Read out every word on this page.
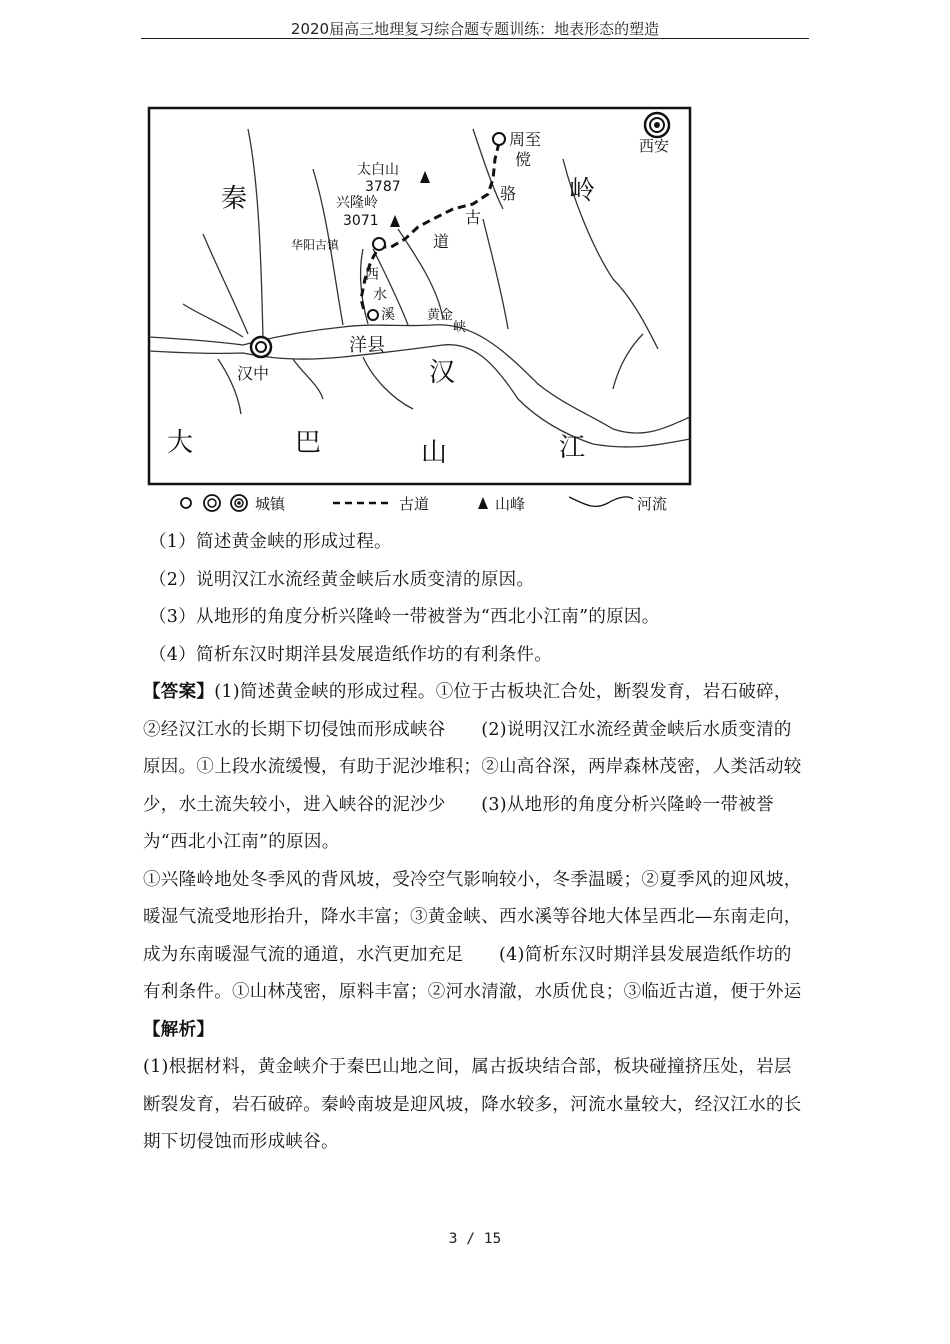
2020届高三地理复习综合题专题训练：地表形态的塑造
秦	岭
西安
周至
太白山
3787
兴隆岭
3071
华阳古镇
傥
骆
古
道
西
水
溪 黄金
峡
洋县
汉中	汉
江
大	巴	山
城镇	古道	山峰	河流

（1）简述黄金峡的形成过程。

（2）说明汉江水流经黄金峡后水质变清的原因。

（3）从地形的角度分析兴隆岭一带被誉为“西北小江南”的原因。

（4）简析东汉时期洋县发展造纸作坊的有利条件。

【答案】(1)简述黄金峡的形成过程。①位于古板块汇合处，断裂发育，岩石破碎，②经汉江水的长期下切侵蚀而形成峡谷　　(2)说明汉江水流经黄金峡后水质变清的原因。①上段水流缓慢，有助于泥沙堆积；②山高谷深，两岸森林茂密，人类活动较少，水土流失较小，进入峡谷的泥沙少　　(3)从地形的角度分析兴隆岭一带被誉为“西北小江南”的原因。

①兴隆岭地处冬季风的背风坡，受冷空气影响较小，冬季温暖；②夏季风的迎风坡，暖湿气流受地形抬升，降水丰富；③黄金峡、西水溪等谷地大体呈西北—东南走向，成为东南暖湿气流的通道，水汽更加充足　　(4)简析东汉时期洋县发展造纸作坊的有利条件。①山林茂密，原料丰富；②河水清澈，水质优良；③临近古道，便于外运

【解析】

(1)根据材料，黄金峡介于秦巴山地之间，属古扳块结合部，板块碰撞挤压处，岩层断裂发育，岩石破碎。秦岭南坡是迎风坡，降水较多，河流水量较大，经汉江水的长期下切侵蚀而形成峡谷。

3 / 15
